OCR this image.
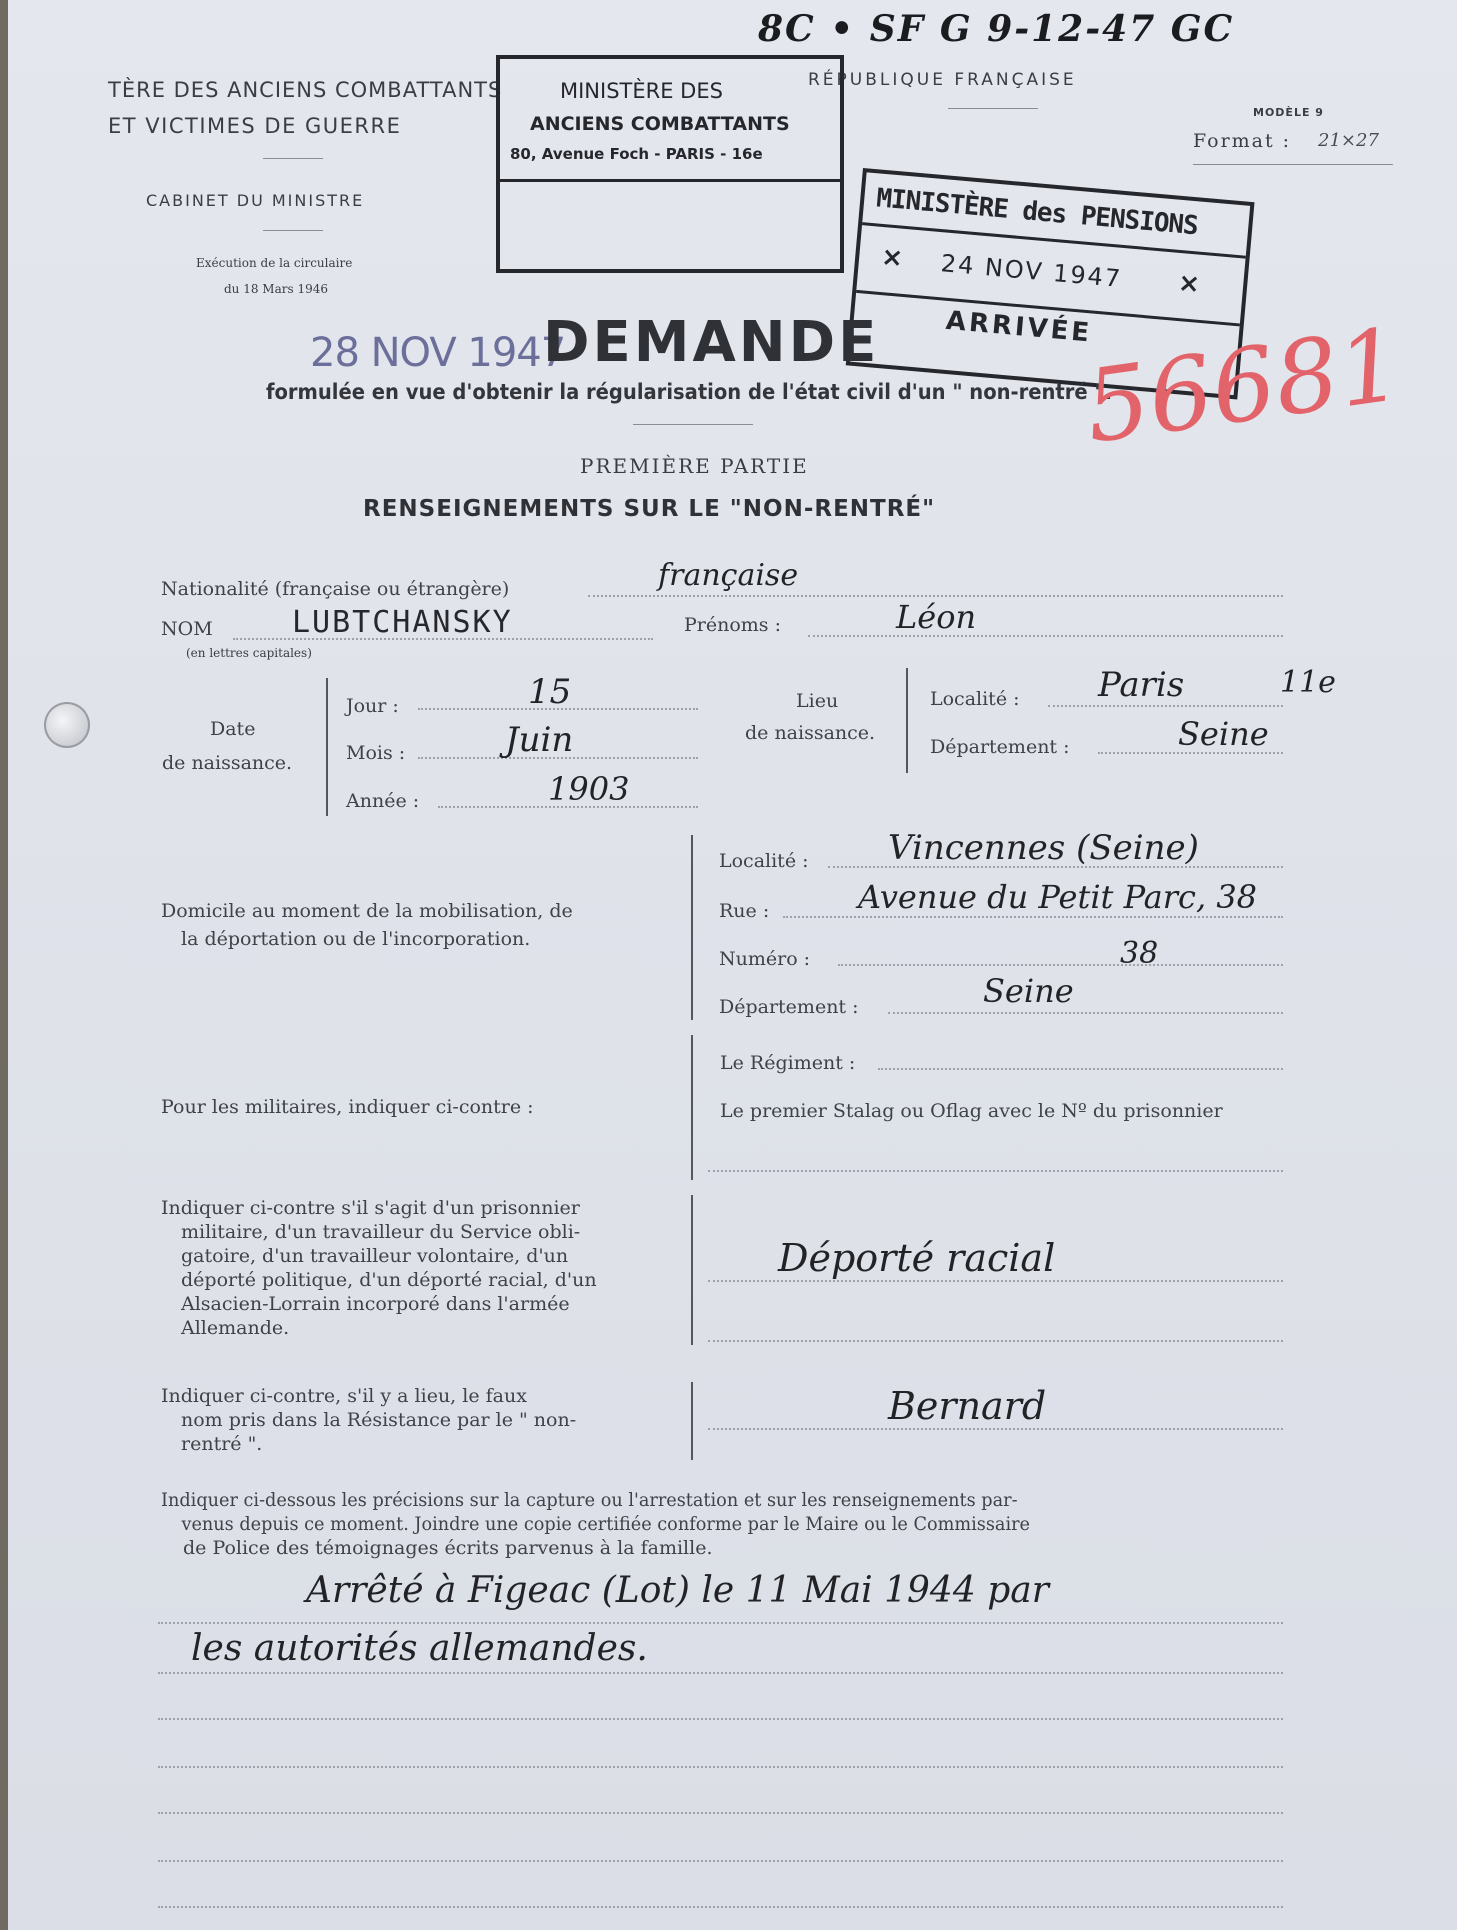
8C • SF G 9-12-47 GC
TÈRE DES ANCIENS COMBATTANTS
ET VICTIMES DE GUERRE
CABINET DU MINISTRE
Exécution de la circulaire
du 18 Mars 1946
RÉPUBLIQUE FRANÇAISE
MODÈLE 9
Format : 21×27
MINISTÈRE DES
ANCIENS COMBATTANTS
80, Avenue Foch - PARIS - 16e
MINISTÈRE des PENSIONS
× 24 NOV 1947 ×
ARRIVÉE
28 NOV 1947
DEMANDE
formulée en vue d'obtenir la régularisation de l'état civil d'un " non-rentré ".
56681
PREMIÈRE PARTIE
RENSEIGNEMENTS SUR LE "NON-RENTRÉ"
Nationalité (française ou étrangère)	française
NOM	LUBTCHANSKY
(en lettres capitales)
Prénoms :	Léon
Date
de naissance.
Jour :	15
Mois :	Juin
Année :	1903
Lieu
de naissance.
Localité : Paris	11e
Département :	Seine
Domicile au moment de la mobilisation, de
la déportation ou de l'incorporation.
Localité : Vincennes (Seine)
Rue :	Avenue du Petit Parc, 38
Numéro :	38
Département :	Seine
Pour les militaires, indiquer ci-contre :
Le Régiment :
Le premier Stalag ou Oflag avec le Nº du prisonnier
Indiquer ci-contre s'il s'agit d'un prisonnier
militaire, d'un travailleur du Service obli-
gatoire, d'un travailleur volontaire, d'un
déporté politique, d'un déporté racial, d'un
Alsacien-Lorrain incorporé dans l'armée
Allemande.
Déporté racial
Indiquer ci-contre, s'il y a lieu, le faux
nom pris dans la Résistance par le " non-
rentré ".
Bernard
Indiquer ci-dessous les précisions sur la capture ou l'arrestation et sur les renseignements par-
venus depuis ce moment. Joindre une copie certifiée conforme par le Maire ou le Commissaire
de Police des témoignages écrits parvenus à la famille.
Arrêté à Figeac (Lot) le 11 Mai 1944 par
les autorités allemandes.
